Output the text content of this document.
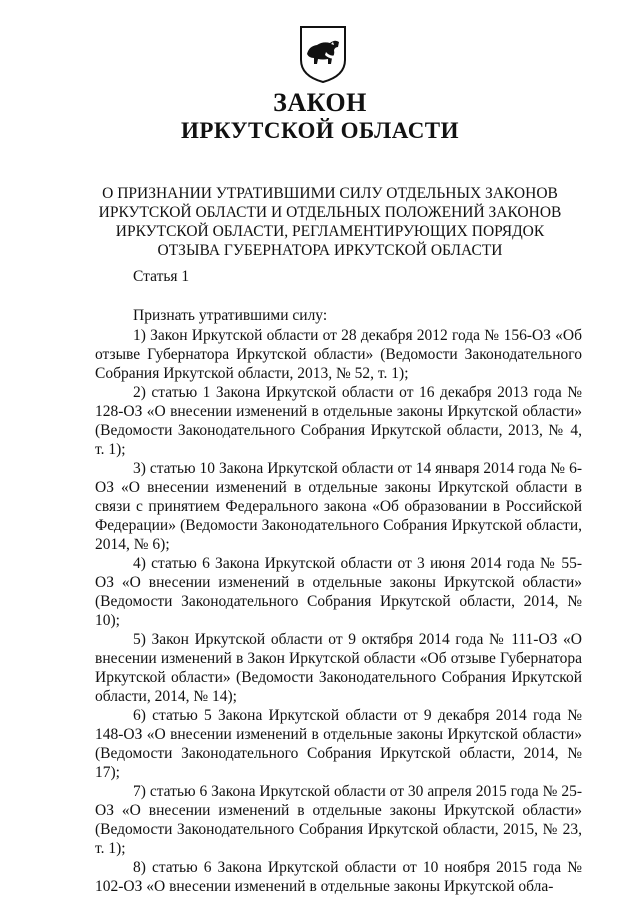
ЗАКОН
ИРКУТСКОЙ ОБЛАСТИ
О ПРИЗНАНИИ УТРАТИВШИМИ СИЛУ ОТДЕЛЬНЫХ ЗАКОНОВ ИРКУТСКОЙ ОБЛАСТИ И ОТДЕЛЬНЫХ ПОЛОЖЕНИЙ ЗАКОНОВ ИРКУТСКОЙ ОБЛАСТИ, РЕГЛАМЕНТИРУЮЩИХ ПОРЯДОК ОТЗЫВА ГУБЕРНАТОРА ИРКУТСКОЙ ОБЛАСТИ
Статья 1

Признать утратившими силу:

1) Закон Иркутской области от 28 декабря 2012 года № 156-ОЗ «Об отзыве Губернатора Иркутской области» (Ведомости Законодательного Собрания Иркутской области, 2013, № 52, т. 1);

2) статью 1 Закона Иркутской области от 16 декабря 2013 года № 128-ОЗ «О внесении изменений в отдельные законы Иркутской области» (Ведомости Законодательного Собрания Иркутской области, 2013, № 4, т. 1);

3) статью 10 Закона Иркутской области от 14 января 2014 года № 6-ОЗ «О внесении изменений в отдельные законы Иркутской области в связи с принятием Федерального закона «Об образовании в Российской Федерации» (Ведомости Законодательного Собрания Иркутской области, 2014, № 6);

4) статью 6 Закона Иркутской области от 3 июня 2014 года № 55-ОЗ «О внесении изменений в отдельные законы Иркутской области» (Ведомости Законодательного Собрания Иркутской области, 2014, № 10);

5) Закон Иркутской области от 9 октября 2014 года № 111-ОЗ «О внесении изменений в Закон Иркутской области «Об отзыве Губернатора Иркутской области» (Ведомости Законодательного Собрания Иркутской области, 2014, № 14);

6) статью 5 Закона Иркутской области от 9 декабря 2014 года № 148-ОЗ «О внесении изменений в отдельные законы Иркутской области» (Ведомости Законодательного Собрания Иркутской области, 2014, № 17);

7) статью 6 Закона Иркутской области от 30 апреля 2015 года № 25-ОЗ «О внесении изменений в отдельные законы Иркутской области» (Ведомости Законодательного Собрания Иркутской области, 2015, № 23, т. 1);

8) статью 6 Закона Иркутской области от 10 ноября 2015 года № 102-ОЗ «О внесении изменений в отдельные законы Иркутской обла-
